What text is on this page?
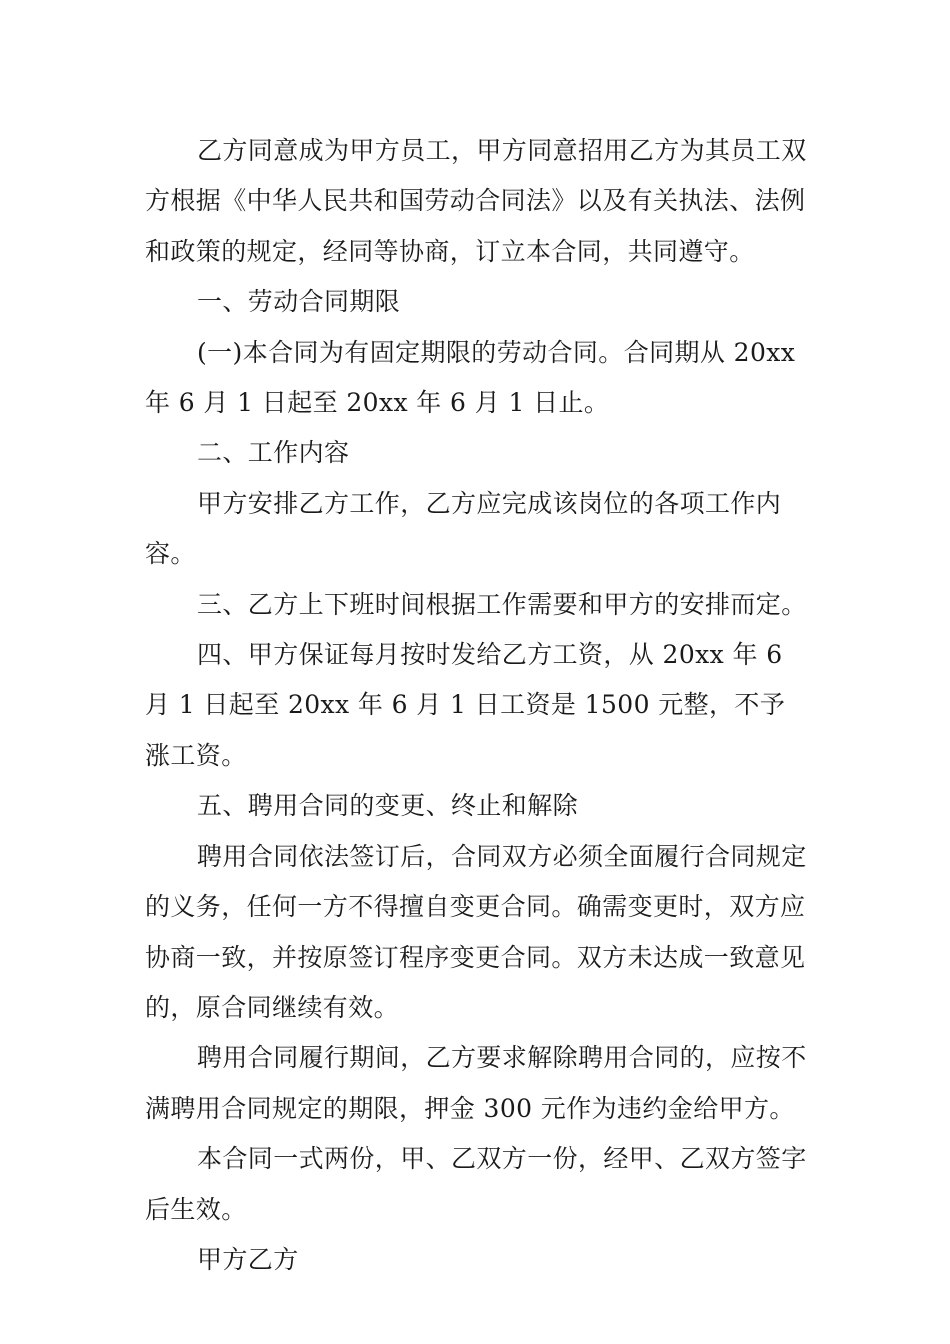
乙方同意成为甲方员工，甲方同意招用乙方为其员工双方根据《中华人民共和国劳动合同法》以及有关执法、法例和政策的规定，经同等协商，订立本合同，共同遵守。

一、劳动合同期限

(一)本合同为有固定期限的劳动合同。合同期从 20xx 年 6 月 1 日起至 20xx 年 6 月 1 日止。

二、工作内容

甲方安排乙方工作，乙方应完成该岗位的各项工作内容。

三、乙方上下班时间根据工作需要和甲方的安排而定。

四、甲方保证每月按时发给乙方工资，从 20xx 年 6 月 1 日起至 20xx 年 6 月 1 日工资是 1500 元整，不予涨工资。

五、聘用合同的变更、终止和解除

聘用合同依法签订后，合同双方必须全面履行合同规定的义务，任何一方不得擅自变更合同。确需变更时，双方应协商一致，并按原签订程序变更合同。双方未达成一致意见的，原合同继续有效。

聘用合同履行期间，乙方要求解除聘用合同的，应按不满聘用合同规定的期限，押金 300 元作为违约金给甲方。

本合同一式两份，甲、乙双方一份，经甲、乙双方签字后生效。

甲方乙方
